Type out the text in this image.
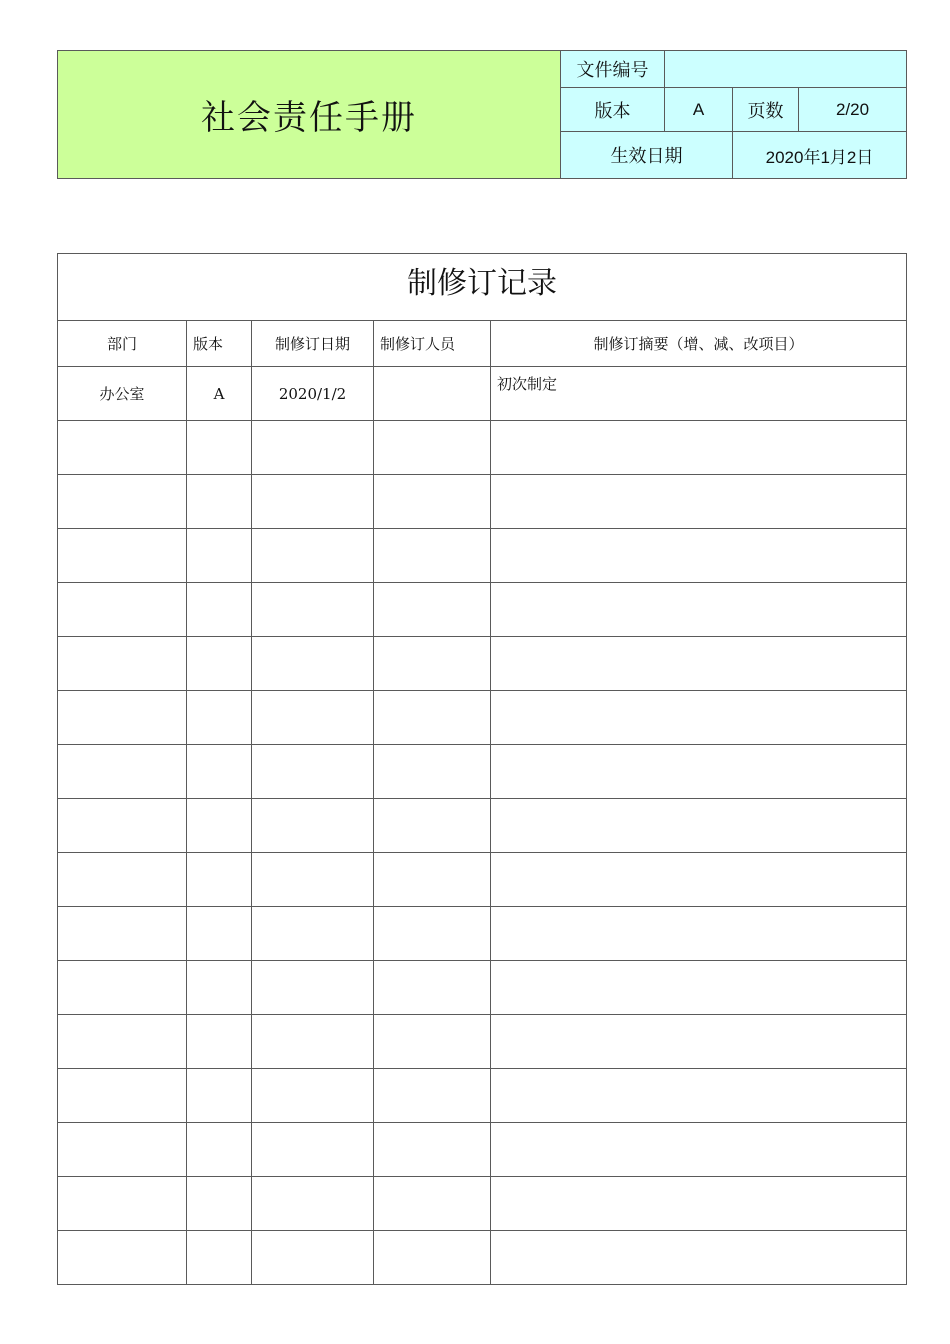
社会责任手册	文件编号			
	版本	A	页数	2/20
	生效日期		2020年1月2日	
制修订记录				
部门	版本	制修订日期	制修订人员	制修订摘要（增、减、改项目）
办公室	A	2020/1/2		初次制定
